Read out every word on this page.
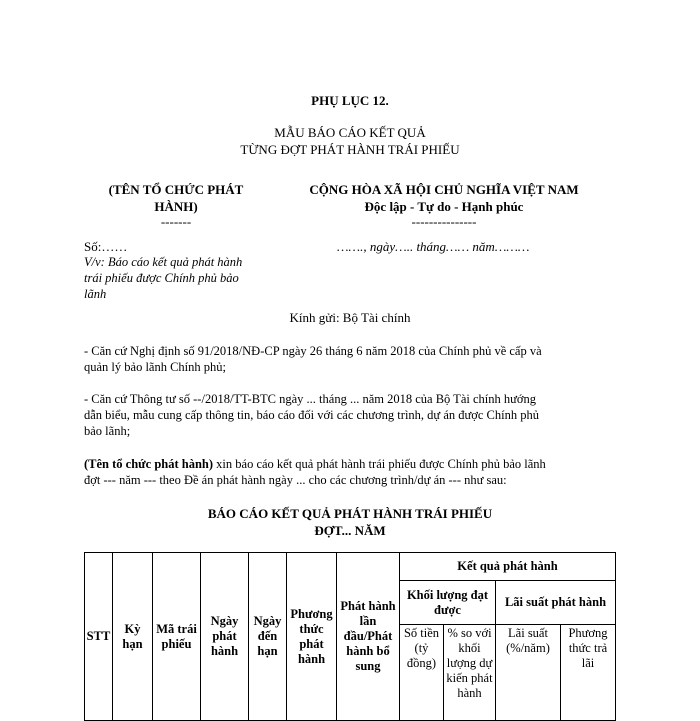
PHỤ LỤC 12.
MẪU BÁO CÁO KẾT QUẢ
TỪNG ĐỢT PHÁT HÀNH TRÁI PHIẾU
(TÊN TỔ CHỨC PHÁT
HÀNH)
-------
CỘNG HÒA XÃ HỘI CHỦ NGHĨA VIỆT NAM
Độc lập - Tự do - Hạnh phúc
---------------
Số:……	……., ngày….. tháng…… năm………
V/v: Báo cáo kết quả phát hành
trái phiếu được Chính phủ bảo
lãnh
Kính gửi: Bộ Tài chính
- Căn cứ Nghị định số 91/2018/NĐ-CP ngày 26 tháng 6 năm 2018 của Chính phủ về cấp và
quản lý bảo lãnh Chính phủ;
- Căn cứ Thông tư số --/2018/TT-BTC ngày ... tháng ... năm 2018 của Bộ Tài chính hướng
dẫn biểu, mẫu cung cấp thông tin, báo cáo đối với các chương trình, dự án được Chính phủ
bảo lãnh;
(Tên tổ chức phát hành) xin báo cáo kết quả phát hành trái phiếu được Chính phủ bảo lãnh
đợt --- năm --- theo Đề án phát hành ngày ... cho các chương trình/dự án --- như sau:
BÁO CÁO KẾT QUẢ PHÁT HÀNH TRÁI PHIẾU
ĐỢT... NĂM
STT	Kỳ hạn	Mã trái phiếu	Ngày phát hành	Ngày đến hạn	Phương thức phát hành	Phát hành lần đầu/Phát hành bổ sung	Kết quả phát hành			
							Khối lượng đạt được		Lãi suất phát hành	
							Số tiền (tỷ đồng)	% so với khối lượng dự kiến phát hành	Lãi suất (%/năm)	Phương thức trả lãi
